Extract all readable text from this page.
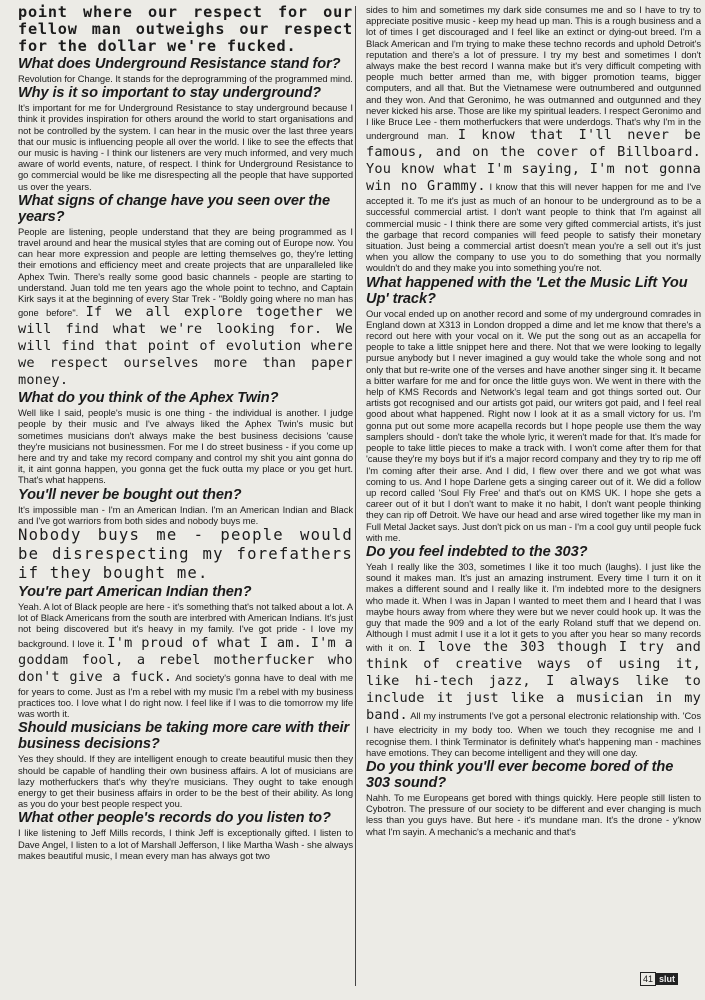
point where our respect for our fellow man outweighs our respect for the dollar we're fucked.

What does Underground Resistance stand for?

Revolution for Change. It stands for the deprogramming of the programmed mind.

Why is it so important to stay underground?

It's important for me for Underground Resistance to stay underground because I think it provides inspiration for others around the world to start organisations and not be controlled by the system. I can hear in the music over the last three years that our music is influencing people all over the world. I like to see the effects that our music is having - I think our listeners are very much informed, and very much aware of world events, nature, of respect. I think for Underground Resistance to go commercial would be like me disrespecting all the people that have supported us over the years.

What signs of change have you seen over the years?

People are listening, people understand that they are being programmed as I travel around and hear the musical styles that are coming out of Europe now. You can hear more expression and people are letting themselves go, they're letting their emotions and efficiency meet and create projects that are unparalleled like Aphex Twin. There's really some good basic channels - people are starting to understand. Juan told me ten years ago the whole point to techno, and Captain Kirk says it at the beginning of every Star Trek - "Boldly going where no man has gone before". If we all explore together we will find what we're looking for. We will find that point of evolution where we respect ourselves more than paper money.

What do you think of the Aphex Twin?

Well like I said, people's music is one thing - the individual is another. I judge people by their music and I've always liked the Aphex Twin's music but sometimes musicians don't always make the best business decisions 'cause they're musicians not businessmen. For me I do street business - if you come up here and try and take my record company and control my shit you aint gonna do it, it aint gonna happen, you gonna get the fuck outta my place or you get hurt. That's what happens.

You'll never be bought out then?

It's impossible man - I'm an American Indian. I'm an American Indian and Black and I've got warriors from both sides and nobody buys me.

Nobody buys me - people would be disrespecting my forefathers if they bought me.

You're part American Indian then?

Yeah. A lot of Black people are here - it's something that's not talked about a lot. A lot of Black Americans from the south are interbred with American Indians. It's just not being discovered but it's heavy in my family. I've got pride - I love my background. I love it. I'm proud of what I am. I'm a goddam fool, a rebel motherfucker who don't give a fuck. And society's gonna have to deal with me for years to come. Just as I'm a rebel with my music I'm a rebel with my business practices too. I love what I do right now. I feel like if I was to die tomorrow my life was worth it.

Should musicians be taking more care with their business decisions?

Yes they should. If they are intelligent enough to create beautiful music then they should be capable of handling their own business affairs. A lot of musicians are lazy motherfuckers that's why they're musicians. They ought to take enough energy to get their business affairs in order to be the best of their ability. As long as you do your best people respect you.

What other people's records do you listen to?

I like listening to Jeff Mills records, I think Jeff is exceptionally gifted. I listen to Dave Angel, I listen to a lot of Marshall Jefferson, I like Martha Wash - she always makes beautiful music, I mean every man has always got two

sides to him and sometimes my dark side consumes me and so I have to try to appreciate positive music - keep my head up man. This is a rough business and a lot of times I get discouraged and I feel like an extinct or dying-out breed. I'm a Black American and I'm trying to make these techno records and uphold Detroit's reputation and there's a lot of pressure. I try my best and sometimes I don't always make the best record I wanna make but it's very difficult competing with people much better armed than me, with bigger promotion teams, bigger computers, and all that. But the Vietnamese were outnumbered and outgunned and they won. And that Geronimo, he was outmanned and outgunned and they never kicked his arse. Those are like my spiritual leaders. I respect Geronimo and I like Bruce Lee - them motherfuckers that were underdogs. That's why I'm in the underground man. I know that I'll never be famous, and on the cover of Billboard. You know what I'm saying, I'm not gonna win no Grammy. I know that this will never happen for me and I've accepted it. To me it's just as much of an honour to be underground as to be a successful commercial artist. I don't want people to think that I'm against all commercial music - I think there are some very gifted commercial artists, it's just the garbage that record companies will feed people to satisfy their monetary situation. Just being a commercial artist doesn't mean you're a sell out it's just when you allow the company to use you to do something that you normally wouldn't do and they make you into something you're not.

What happened with the 'Let the Music Lift You Up' track?

Our vocal ended up on another record and some of my underground comrades in England down at X313 in London dropped a dime and let me know that there's a record out here with your vocal on it. We put the song out as an accapella for people to take a little snippet here and there. Not that we were looking to legally pursue anybody but I never imagined a guy would take the whole song and not only that but re-write one of the verses and have another singer sing it. It became a bitter warfare for me and for once the little guys won. We went in there with the help of KMS Records and Network's legal team and got things sorted out. Our artists got recognised and our artists got paid, our writers got paid, and I feel real good about what happened. Right now I look at it as a small victory for us. I'm gonna put out some more acapella records but I hope people use them the way samplers should - don't take the whole lyric, it weren't made for that. It's made for people to take little pieces to make a track with. I won't come after them for that 'cause they're my boys but if it's a major record company and they try to rip me off I'm coming after their arse. And I did, I flew over there and we got what was coming to us. And I hope Darlene gets a singing career out of it. We did a follow up record called 'Soul Fly Free' and that's out on KMS UK. I hope she gets a career out of it but I don't want to make it no habit, I don't want people thinking they can rip off Detroit. We have our head and arse wired together like my man in Full Metal Jacket says. Just don't pick on us man - I'm a cool guy until people fuck with me.

Do you feel indebted to the 303?

Yeah I really like the 303, sometimes I like it too much (laughs). I just like the sound it makes man. It's just an amazing instrument. Every time I turn it on it makes a different sound and I really like it. I'm indebted more to the designers who made it. When I was in Japan I wanted to meet them and I heard that I was maybe hours away from where they were but we never could hook up. It was the guy that made the 909 and a lot of the early Roland stuff that we depend on. Although I must admit I use it a lot it gets to you after you hear so many records with it on. I love the 303 though I try and think of creative ways of using it, like hi-tech jazz, I always like to include it just like a musician in my band. All my instruments I've got a personal electronic relationship with. 'Cos I have electricity in my body too. When we touch they recognise me and I recognise them. I think Terminator is definitely what's happening man - machines have emotions. They can become intelligent and they will one day.

Do you think you'll ever become bored of the 303 sound?

Nahh. To me Europeans get bored with things quickly. Here people still listen to Cybotron. The pressure of our society to be different and ever changing is much less than you guys have. But here - it's mundane man. It's the drone - y'know what I'm sayin. A mechanic's a mechanic and that's

41 slut
